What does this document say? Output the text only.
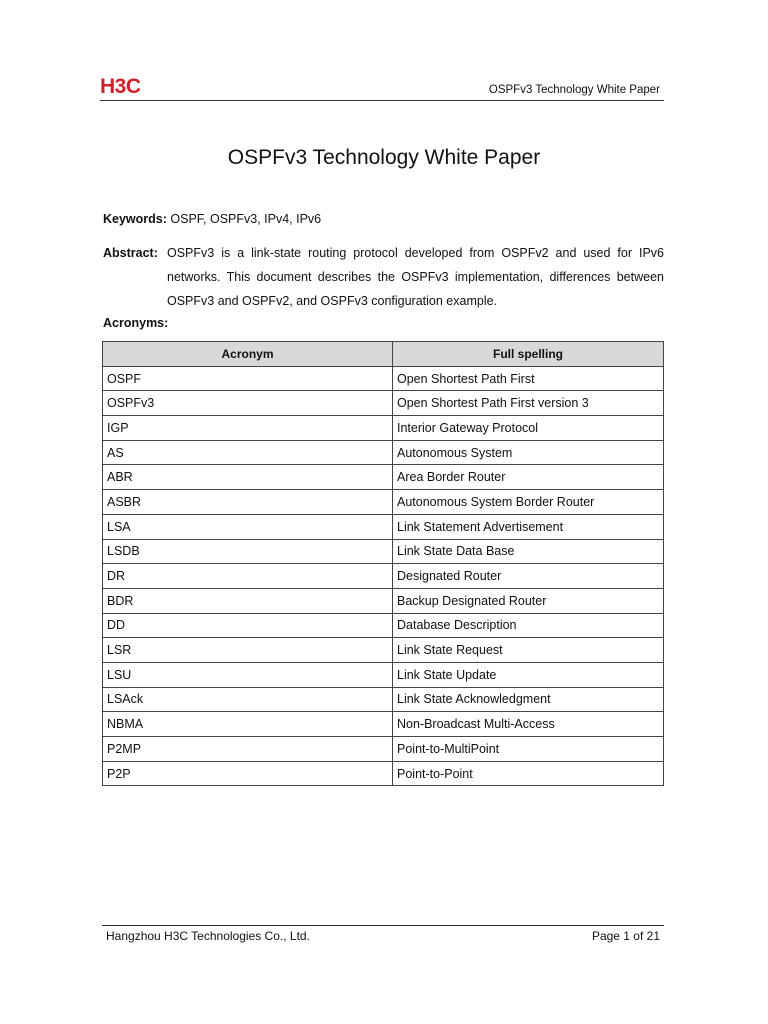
H3C	OSPFv3 Technology White Paper
OSPFv3 Technology White Paper
Keywords: OSPF, OSPFv3, IPv4, IPv6
Abstract: OSPFv3 is a link-state routing protocol developed from OSPFv2 and used for IPv6 networks. This document describes the OSPFv3 implementation, differences between OSPFv3 and OSPFv2, and OSPFv3 configuration example.
Acronyms:
Acronym	Full spelling
OSPF	Open Shortest Path First
OSPFv3	Open Shortest Path First version 3
IGP	Interior Gateway Protocol
AS	Autonomous System
ABR	Area Border Router
ASBR	Autonomous System Border Router
LSA	Link Statement Advertisement
LSDB	Link State Data Base
DR	Designated Router
BDR	Backup Designated Router
DD	Database Description
LSR	Link State Request
LSU	Link State Update
LSAck	Link State Acknowledgment
NBMA	Non-Broadcast Multi-Access
P2MP	Point-to-MultiPoint
P2P	Point-to-Point
Hangzhou H3C Technologies Co., Ltd.	Page 1 of 21
